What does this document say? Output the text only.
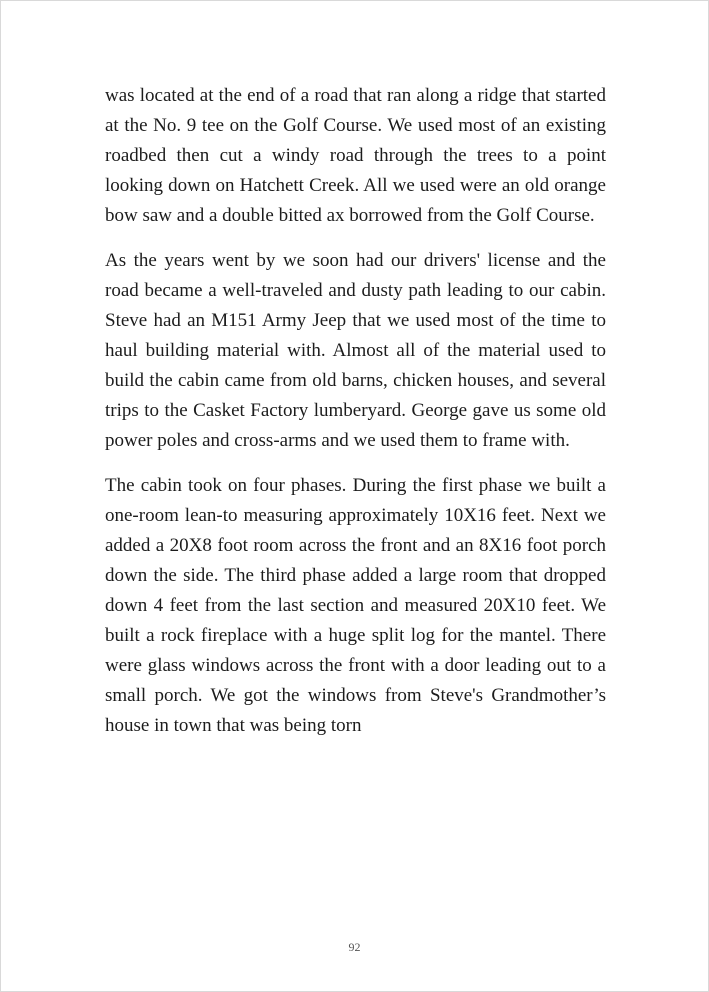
was located at the end of a road that ran along a ridge that started at the No. 9 tee on the Golf Course. We used most of an existing roadbed then cut a windy road through the trees to a point looking down on Hatchett Creek. All we used were an old orange bow saw and a double bitted ax borrowed from the Golf Course.

As the years went by we soon had our drivers' license and the road became a well-traveled and dusty path leading to our cabin. Steve had an M151 Army Jeep that we used most of the time to haul building material with. Almost all of the material used to build the cabin came from old barns, chicken houses, and several trips to the Casket Factory lumberyard. George gave us some old power poles and cross-arms and we used them to frame with.

The cabin took on four phases. During the first phase we built a one-room lean-to measuring approximately 10X16 feet. Next we added a 20X8 foot room across the front and an 8X16 foot porch down the side. The third phase added a large room that dropped down 4 feet from the last section and measured 20X10 feet. We built a rock fireplace with a huge split log for the mantel. There were glass windows across the front with a door leading out to a small porch. We got the windows from Steve's Grandmother’s house in town that was being torn

92
